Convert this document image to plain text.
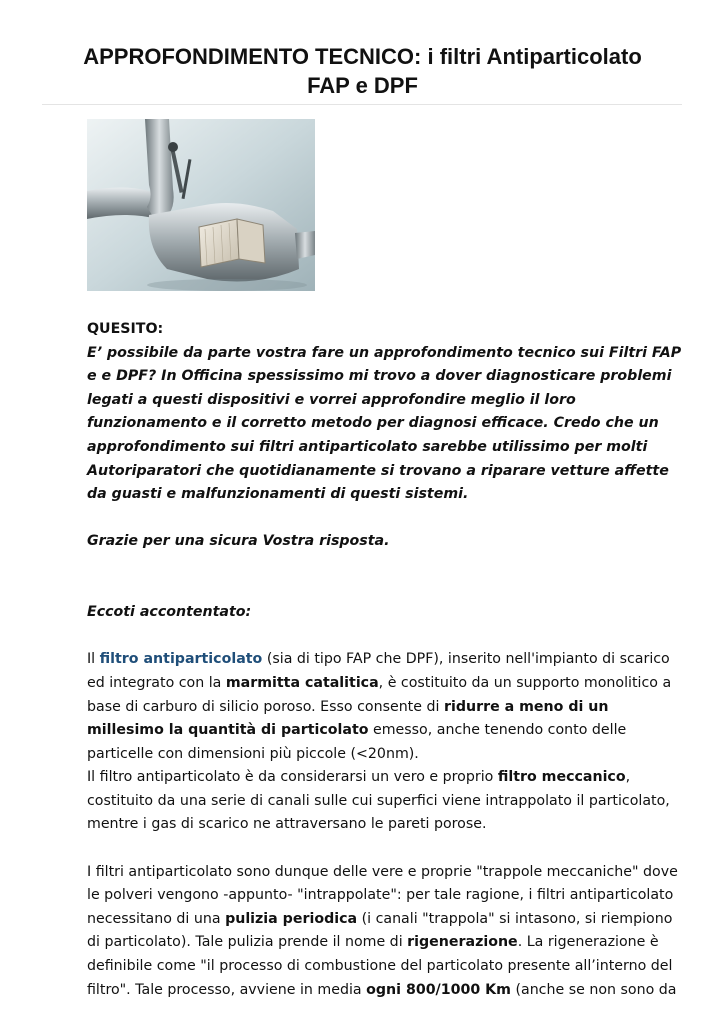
APPROFONDIMENTO TECNICO: i filtri Antiparticolato
FAP e DPF

QUESITO:

E’ possibile da parte vostra fare un approfondimento tecnico sui Filtri FAP e e DPF? In Officina spessissimo mi trovo a dover diagnosticare problemi legati a questi dispositivi e vorrei approfondire meglio il loro funzionamento e il corretto metodo per diagnosi efficace. Credo che un approfondimento sui filtri antiparticolato sarebbe utilissimo per molti Autoriparatori che quotidianamente si trovano a riparare vetture affette da guasti e malfunzionamenti di questi sistemi.

Grazie per una sicura Vostra risposta.

Eccoti accontentato:

Il filtro antiparticolato (sia di tipo FAP che DPF), inserito nell'impianto di scarico ed integrato con la marmitta catalitica, è costituito da un supporto monolitico a base di carburo di silicio poroso. Esso consente di ridurre a meno di un millesimo la quantità di particolato emesso, anche tenendo conto delle particelle con dimensioni più piccole (<20nm).

Il filtro antiparticolato è da considerarsi un vero e proprio filtro meccanico, costituito da una serie di canali sulle cui superfici viene intrappolato il particolato, mentre i gas di scarico ne attraversano le pareti porose.

I filtri antiparticolato sono dunque delle vere e proprie "trappole meccaniche" dove le polveri vengono -appunto- "intrappolate": per tale ragione, i filtri antiparticolato necessitano di una pulizia periodica (i canali "trappola" si intasono, si riempiono di particolato). Tale pulizia prende il nome di rigenerazione. La rigenerazione è definibile come "il processo di combustione del particolato presente all’interno del filtro". Tale processo, avviene in media ogni 800/1000 Km (anche se non sono da
